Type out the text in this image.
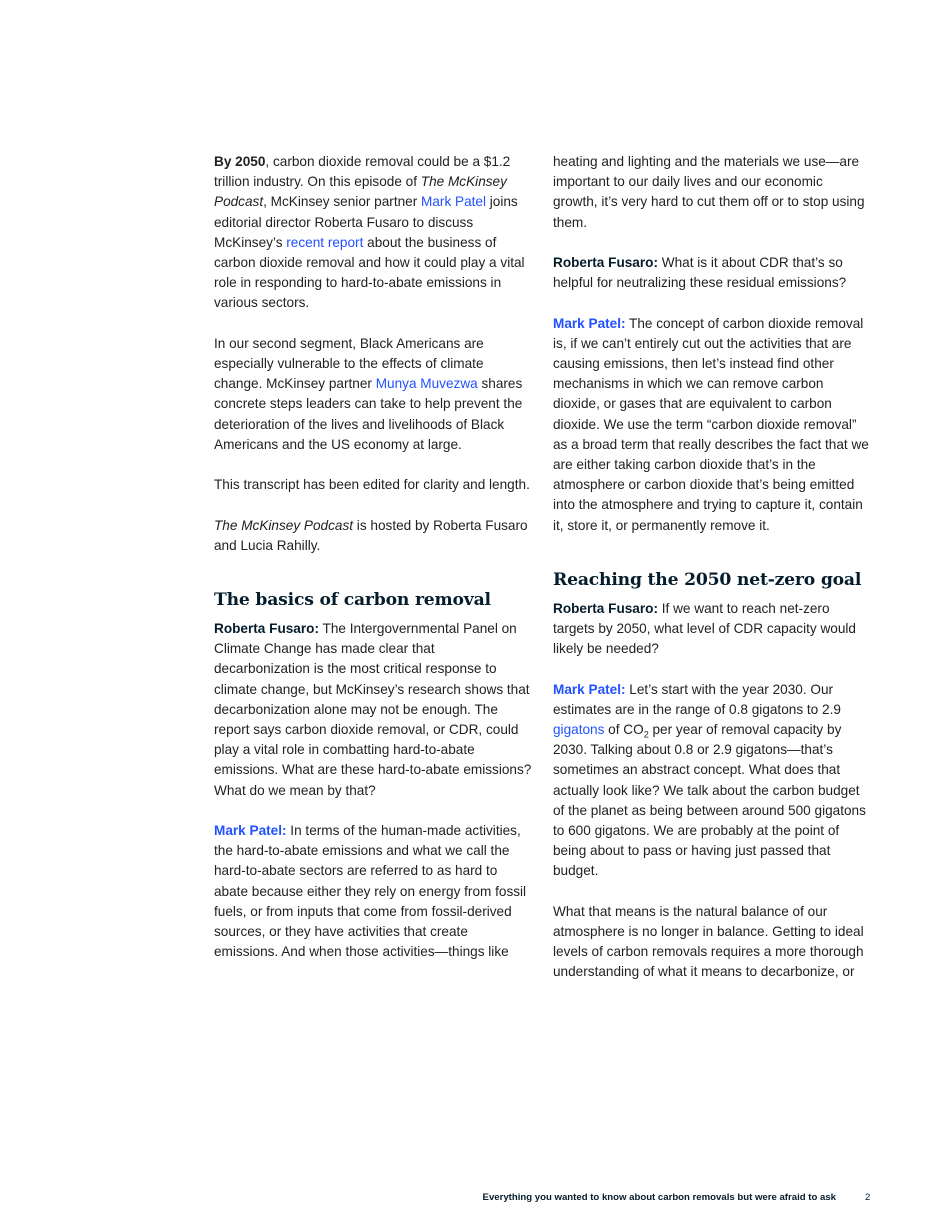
By 2050, carbon dioxide removal could be a $1.2 trillion industry. On this episode of The McKinsey Podcast, McKinsey senior partner Mark Patel joins editorial director Roberta Fusaro to discuss McKinsey’s recent report about the business of carbon dioxide removal and how it could play a vital role in responding to hard-to-abate emissions in various sectors.

In our second segment, Black Americans are especially vulnerable to the effects of climate change. McKinsey partner Munya Muvezwa shares concrete steps leaders can take to help prevent the deterioration of the lives and livelihoods of Black Americans and the US economy at large.

This transcript has been edited for clarity and length.

The McKinsey Podcast is hosted by Roberta Fusaro and Lucia Rahilly.

The basics of carbon removal

Roberta Fusaro: The Intergovernmental Panel on Climate Change has made clear that decarbonization is the most critical response to climate change, but McKinsey’s research shows that decarbonization alone may not be enough. The report says carbon dioxide removal, or CDR, could play a vital role in combatting hard-to-abate emissions. What are these hard-to-abate emissions? What do we mean by that?

Mark Patel: In terms of the human-made activities, the hard-to-abate emissions and what we call the hard-to-abate sectors are referred to as hard to abate because either they rely on energy from fossil fuels, or from inputs that come from fossil-derived sources, or they have activities that create emissions. And when those activities—things like

heating and lighting and the materials we use—are important to our daily lives and our economic growth, it’s very hard to cut them off or to stop using them.

Roberta Fusaro: What is it about CDR that’s so helpful for neutralizing these residual emissions?

Mark Patel: The concept of carbon dioxide removal is, if we can’t entirely cut out the activities that are causing emissions, then let’s instead find other mechanisms in which we can remove carbon dioxide, or gases that are equivalent to carbon dioxide. We use the term “carbon dioxide removal” as a broad term that really describes the fact that we are either taking carbon dioxide that’s in the atmosphere or carbon dioxide that’s being emitted into the atmosphere and trying to capture it, contain it, store it, or permanently remove it.

Reaching the 2050 net-zero goal

Roberta Fusaro: If we want to reach net-zero targets by 2050, what level of CDR capacity would likely be needed?

Mark Patel: Let’s start with the year 2030. Our estimates are in the range of 0.8 gigatons to 2.9 gigatons of $CO_2$ per year of removal capacity by 2030. Talking about 0.8 or 2.9 gigatons—that’s sometimes an abstract concept. What does that actually look like? We talk about the carbon budget of the planet as being between around 500 gigatons to 600 gigatons. We are probably at the point of being about to pass or having just passed that budget.

What that means is the natural balance of our atmosphere is no longer in balance. Getting to ideal levels of carbon removals requires a more thorough understanding of what it means to decarbonize, or

Everything you wanted to know about carbon removals but were afraid to ask	2
